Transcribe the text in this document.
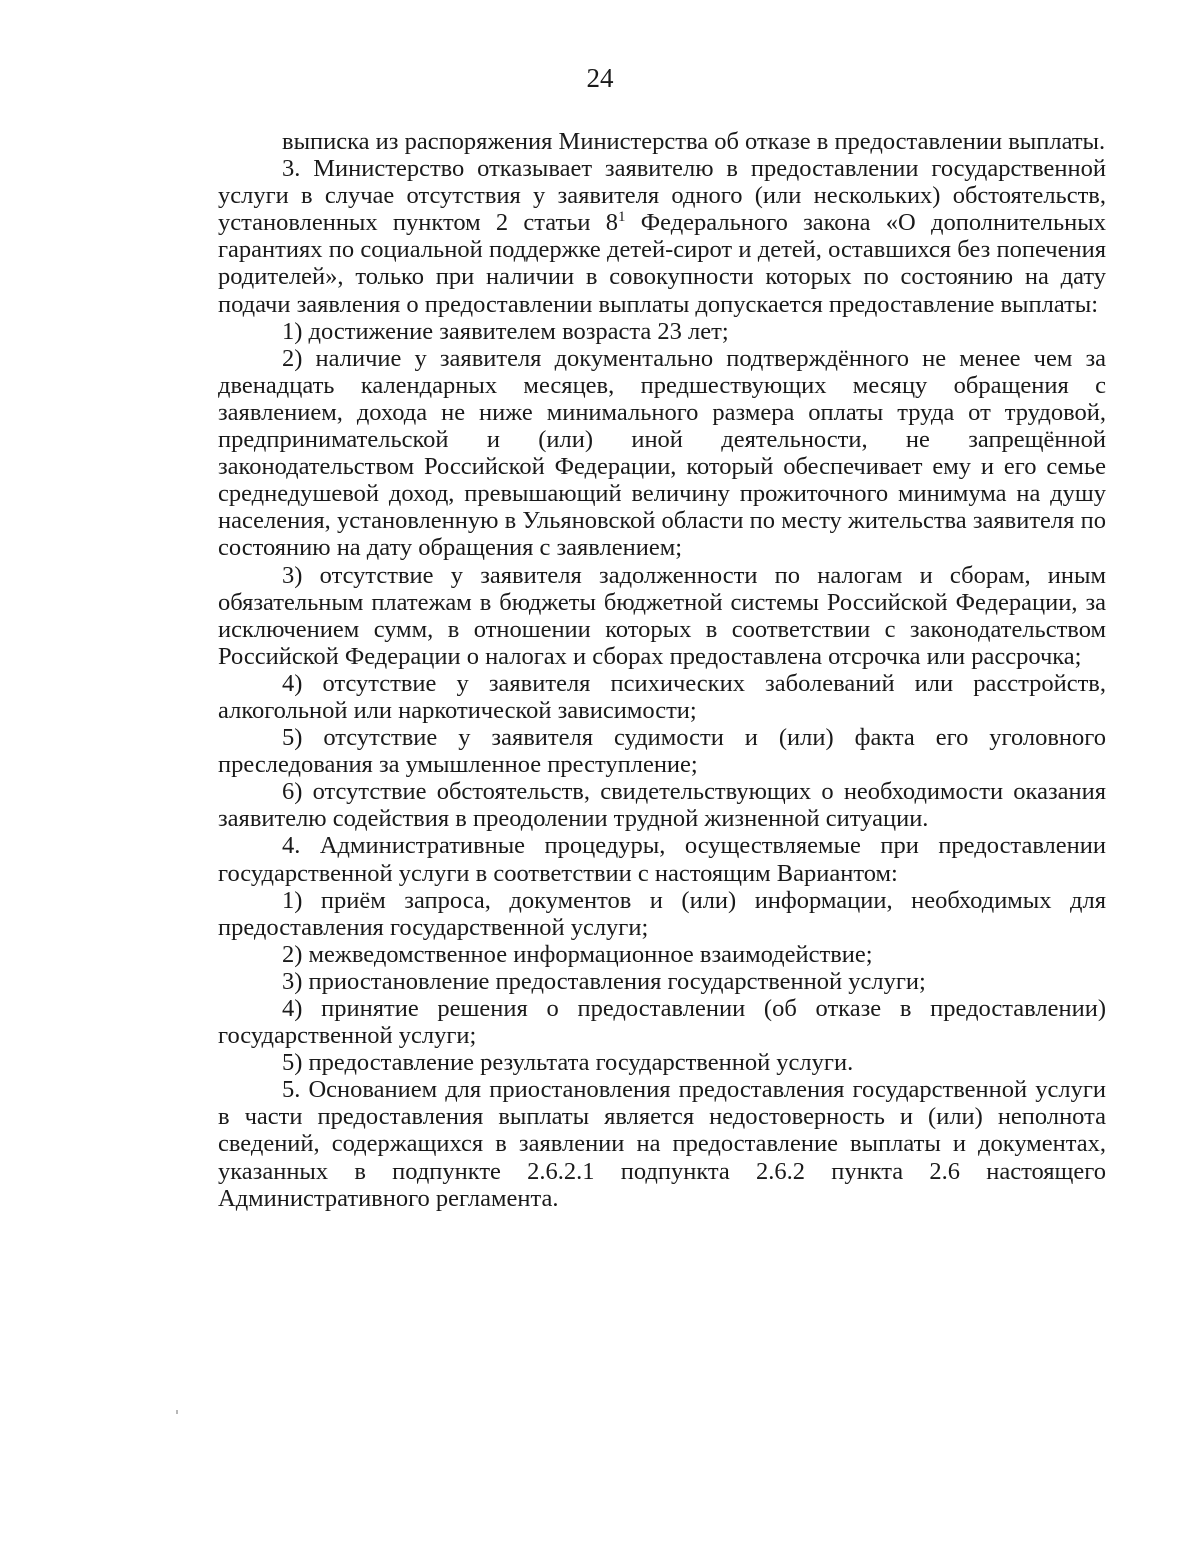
24

выписка из распоряжения Министерства об отказе в предоставлении выплаты.

3. Министерство отказывает заявителю в предоставлении государственной услуги в случае отсутствия у заявителя одного (или нескольких) обстоятельств, установленных пунктом 2 статьи $8^1$ Федерального закона «О дополнительных гарантиях по социальной поддержке детей-сирот и детей, оставшихся без попечения родителей», только при наличии в совокупности которых по состоянию на дату подачи заявления о предоставлении выплаты допускается предоставление выплаты:

1) достижение заявителем возраста 23 лет;

2) наличие у заявителя документально подтверждённого не менее чем за двенадцать календарных месяцев, предшествующих месяцу обращения с заявлением, дохода не ниже минимального размера оплаты труда от трудовой, предпринимательской и (или) иной деятельности, не запрещённой законодательством Российской Федерации, который обеспечивает ему и его семье среднедушевой доход, превышающий величину прожиточного минимума на душу населения, установленную в Ульяновской области по месту жительства заявителя по состоянию на дату обращения с заявлением;

3) отсутствие у заявителя задолженности по налогам и сборам, иным обязательным платежам в бюджеты бюджетной системы Российской Федерации, за исключением сумм, в отношении которых в соответствии с законодательством Российской Федерации о налогах и сборах предоставлена отсрочка или рассрочка;

4) отсутствие у заявителя психических заболеваний или расстройств, алкогольной или наркотической зависимости;

5) отсутствие у заявителя судимости и (или) факта его уголовного преследования за умышленное преступление;

6) отсутствие обстоятельств, свидетельствующих о необходимости оказания заявителю содействия в преодолении трудной жизненной ситуации.

4. Административные процедуры, осуществляемые при предоставлении государственной услуги в соответствии с настоящим Вариантом:

1) приём запроса, документов и (или) информации, необходимых для предоставления государственной услуги;

2) межведомственное информационное взаимодействие;

3) приостановление предоставления государственной услуги;

4) принятие решения о предоставлении (об отказе в предоставлении) государственной услуги;

5) предоставление результата государственной услуги.

5. Основанием для приостановления предоставления государственной услуги в части предоставления выплаты является недостоверность и (или) неполнота сведений, содержащихся в заявлении на предоставление выплаты и документах, указанных в подпункте 2.6.2.1 подпункта 2.6.2 пункта 2.6 настоящего Административного регламента.
